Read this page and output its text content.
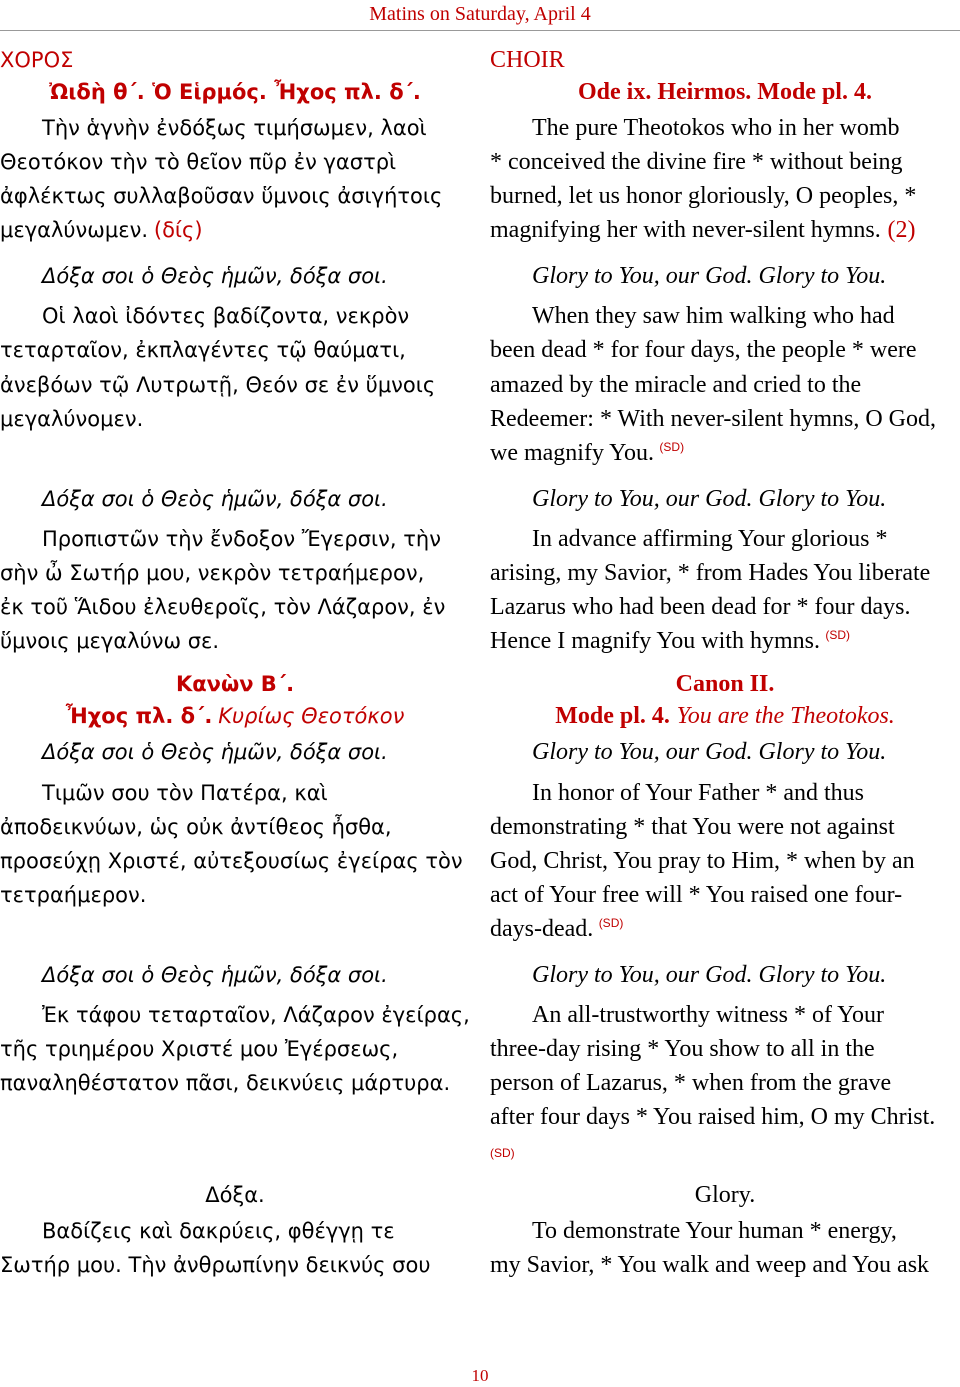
Matins on Saturday, April 4
ΧΟΡΟΣ
Ὠιδὴ θ΄. Ὁ Εἱρμός. Ἦχος πλ. δ΄.
Τὴν ἁγνὴν ἐνδόξως τιμήσωμεν, λαοὶ
Θεοτόκον τὴν τὸ θεῖον πῦρ ἐν γαστρὶ
ἀφλέκτως συλλαβοῦσαν ὕμνοις ἀσιγήτοις
μεγαλύνωμεν. (δίς)
Δόξα σοι ὁ Θεὸς ἡμῶν, δόξα σοι.
Οἱ λαοὶ ἰδόντες βαδίζοντα, νεκρὸν
τεταρταῖον, ἐκπλαγέντες τῷ θαύματι,
ἀνεβόων τῷ Λυτρωτῇ, Θεόν σε ἐν ὕμνοις
μεγαλύνομεν.
Δόξα σοι ὁ Θεὸς ἡμῶν, δόξα σοι.
Προπιστῶν τὴν ἔνδοξον Ἔγερσιν, τὴν
σὴν ὦ Σωτήρ μου, νεκρὸν τετραήμερον,
ἐκ τοῦ Ἅιδου ἐλευθεροῖς, τὸν Λάζαρον, ἐν
ὕμνοις μεγαλύνω σε.
Κανὼν Β΄.
Ἦχος πλ. δ΄. Κυρίως Θεοτόκον
Δόξα σοι ὁ Θεὸς ἡμῶν, δόξα σοι.
Τιμῶν σου τὸν Πατέρα, καὶ
ἀποδεικνύων, ὡς οὐκ ἀντίθεος ἦσθα,
προσεύχῃ Χριστέ, αὐτεξουσίως ἐγείρας τὸν
τετραήμερον.
Δόξα σοι ὁ Θεὸς ἡμῶν, δόξα σοι.
Ἐκ τάφου τεταρταῖον, Λάζαρον ἐγείρας,
τῆς τριημέρου Χριστέ μου Ἐγέρσεως,
παναληθέστατον πᾶσι, δεικνύεις μάρτυρα.
Δόξα.
Βαδίζεις καὶ δακρύεις, φθέγγῃ τε
Σωτήρ μου. Τὴν ἀνθρωπίνην δεικνύς σου
CHOIR
Ode ix. Heirmos. Mode pl. 4.
The pure Theotokos who in her womb
* conceived the divine fire * without being
burned, let us honor gloriously, O peoples, *
magnifying her with never-silent hymns. (2)
Glory to You, our God. Glory to You.
When they saw him walking who had
been dead * for four days, the people * were
amazed by the miracle and cried to the
Redeemer: * With never-silent hymns, O God,
we magnify You. $^{(SD)}$
Glory to You, our God. Glory to You.
In advance affirming Your glorious *
arising, my Savior, * from Hades You liberate
Lazarus who had been dead for * four days.
Hence I magnify You with hymns. $^{(SD)}$
Canon II.
Mode pl. 4. You are the Theotokos.
Glory to You, our God. Glory to You.
In honor of Your Father * and thus
demonstrating * that You were not against
God, Christ, You pray to Him, * when by an
act of Your free will * You raised one four-
days-dead. $^{(SD)}$
Glory to You, our God. Glory to You.
An all-trustworthy witness * of Your
three-day rising * You show to all in the
person of Lazarus, * when from the grave
after four days * You raised him, O my Christ.
(SD)
Glory.
To demonstrate Your human * energy,
my Savior, * You walk and weep and You ask
10
